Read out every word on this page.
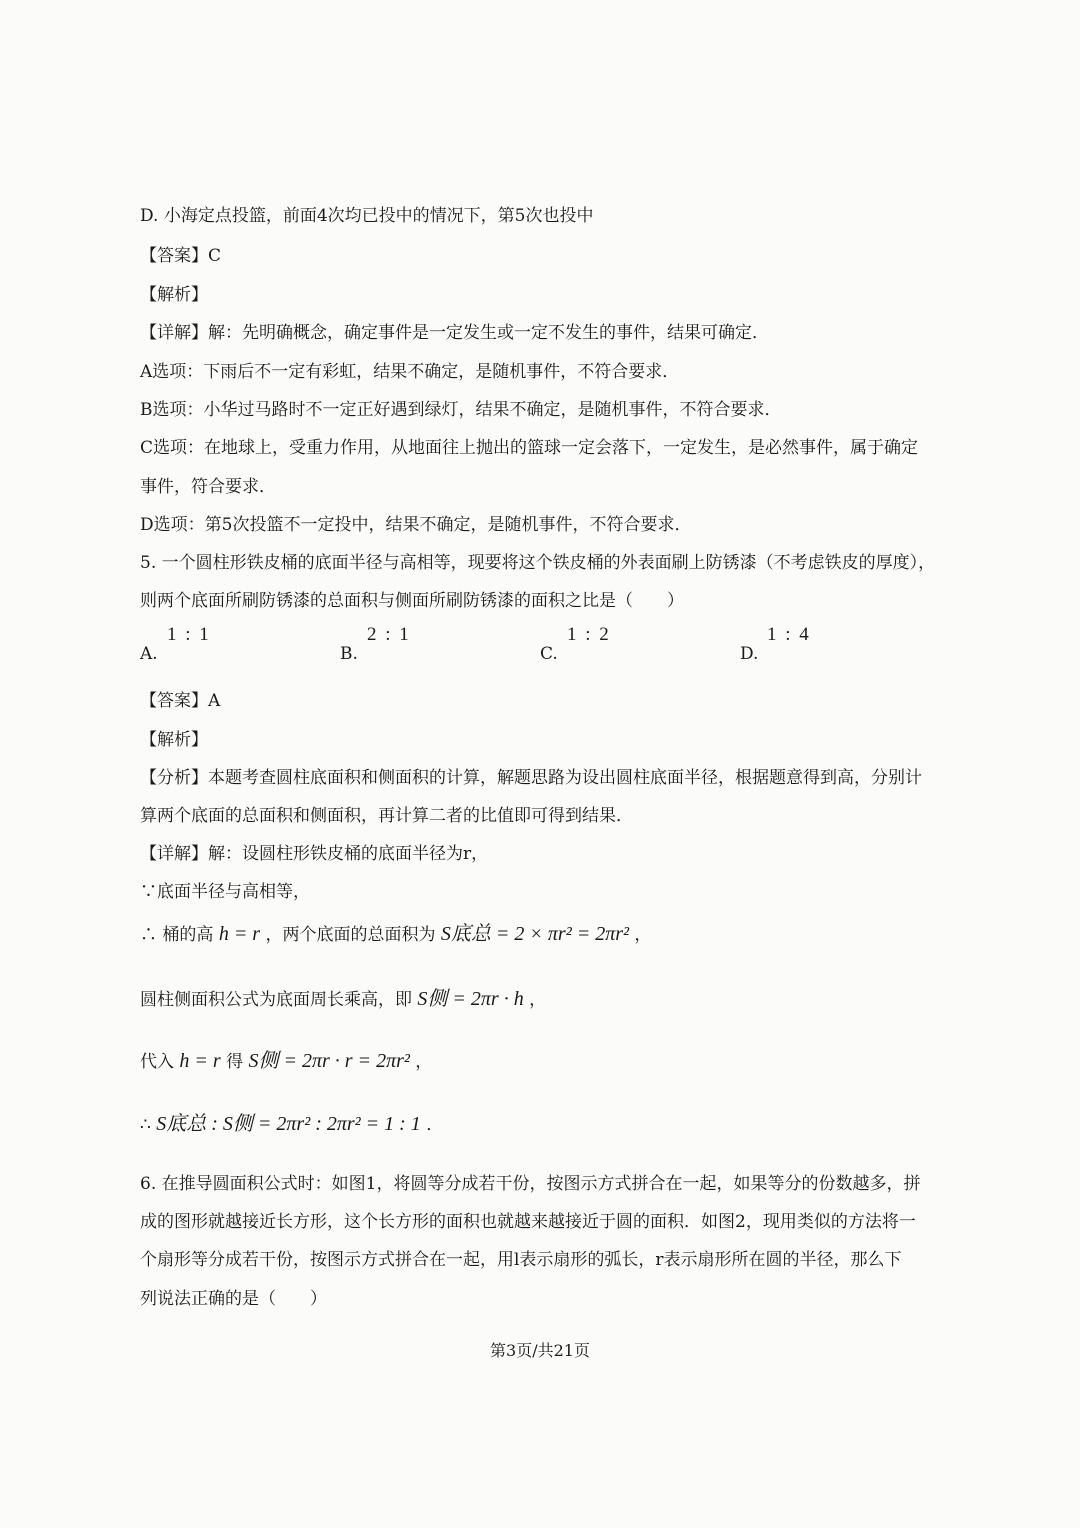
D. 小海定点投篮，前面4次均已投中的情况下，第5次也投中
【答案】C
【解析】
【详解】解：先明确概念，确定事件是一定发生或一定不发生的事件，结果可确定．
A选项：下雨后不一定有彩虹，结果不确定，是随机事件，不符合要求．
B选项：小华过马路时不一定正好遇到绿灯，结果不确定，是随机事件，不符合要求．
C选项：在地球上，受重力作用，从地面往上抛出的篮球一定会落下，一定发生，是必然事件，属于确定
事件，符合要求．
D选项：第5次投篮不一定投中，结果不确定，是随机事件，不符合要求．
5. 一个圆柱形铁皮桶的底面半径与高相等，现要将这个铁皮桶的外表面刷上防锈漆（不考虑铁皮的厚度），
则两个底面所刷防锈漆的总面积与侧面所刷防锈漆的面积之比是（　　）
A.
1 : 1
B.
2 : 1
C.
1 : 2
D.
1 : 4
【答案】A
【解析】
【分析】本题考查圆柱底面积和侧面积的计算，解题思路为设出圆柱底面半径，根据题意得到高，分别计
算两个底面的总面积和侧面积，再计算二者的比值即可得到结果．
【详解】解：设圆柱形铁皮桶的底面半径为r，
∵底面半径与高相等，
∴ 桶的高 h = r ，两个底面的总面积为 S底总 = 2 × πr² = 2πr² ，
圆柱侧面积公式为底面周长乘高，即 S侧 = 2πr · h ，
代入 h = r 得 S侧 = 2πr · r = 2πr² ，
∴ S底总 : S侧 = 2πr² : 2πr² = 1 : 1 ．
6. 在推导圆面积公式时：如图1，将圆等分成若干份，按图示方式拼合在一起，如果等分的份数越多，拼
成的图形就越接近长方形，这个长方形的面积也就越来越接近于圆的面积．如图2，现用类似的方法将一
个扇形等分成若干份，按图示方式拼合在一起，用l表示扇形的弧长，r表示扇形所在圆的半径，那么下
列说法正确的是（　　）
第3页/共21页
